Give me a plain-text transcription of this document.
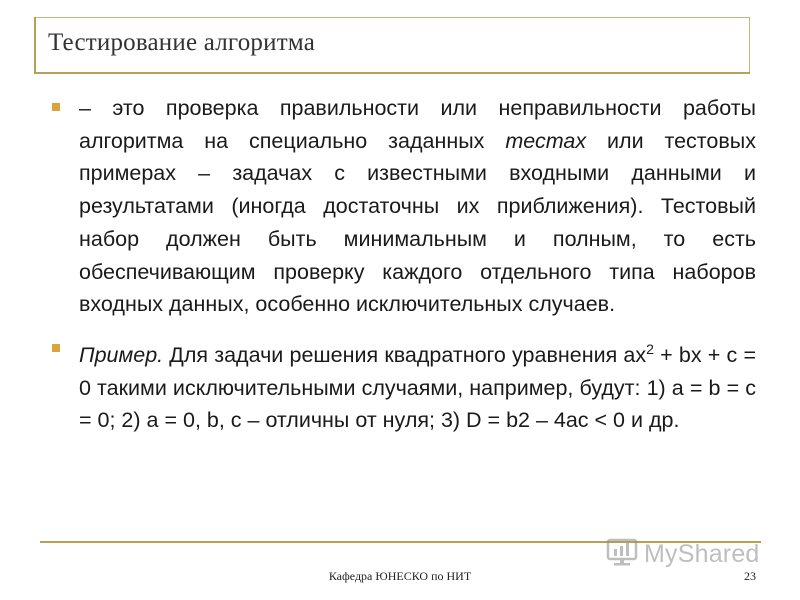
Тестирование алгоритма
– это проверка правильности или неправильности работы алгоритма на специально заданных тестах или тестовых примерах – задачах с известными входными данными и результатами (иногда достаточны их приближения). Тестовый набор должен быть минимальным и полным, то есть обеспечивающим проверку каждого отдельного типа наборов входных данных, особенно исключительных случаев.
Пример. Для задачи решения квадратного уравнения $ах^2$ + bx + c = 0 такими исключительными случаями, например, будут: 1) a = b = c = 0; 2) a = 0, b, c – отличны от нуля; 3) D = b2 – 4ac < 0 и др.
MyShared
Кафедра ЮНЕСКО по НИТ	23
